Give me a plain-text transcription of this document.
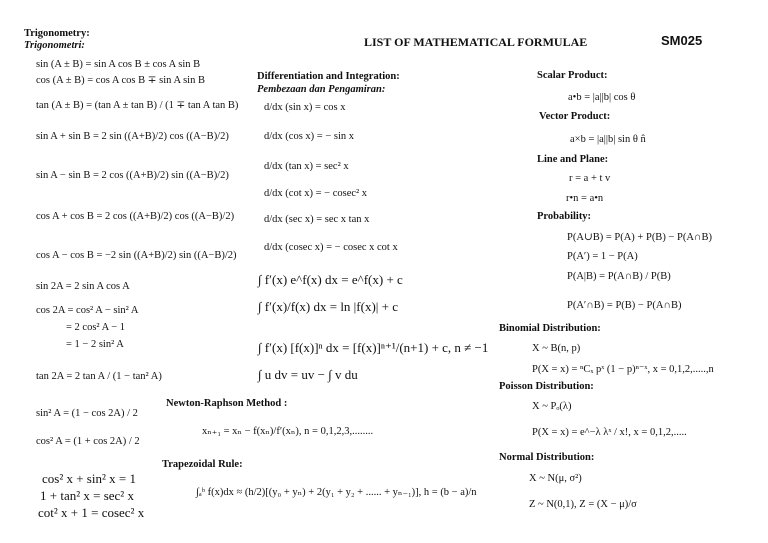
LIST OF MATHEMATICAL FORMULAE	SM025
Trigonometry:
Trigonometri:
sin (A ± B) = sin A cos B ± cos A sin B
cos (A ± B) = cos A cos B ∓ sin A sin B
tan (A ± B) = (tan A ± tan B) / (1 ∓ tan A tan B)
sin A + sin B = 2 sin ((A+B)/2) cos ((A−B)/2)
sin A − sin B = 2 cos ((A+B)/2) sin ((A−B)/2)
cos A + cos B = 2 cos ((A+B)/2) cos ((A−B)/2)
cos A − cos B = −2 sin ((A+B)/2) sin ((A−B)/2)
sin 2A = 2 sin A cos A
cos 2A = cos² A − sin² A
= 2 cos² A − 1
= 1 − 2 sin² A
tan 2A = 2 tan A / (1 − tan² A)
sin² A = (1 − cos 2A) / 2
cos² A = (1 + cos 2A) / 2
cos² x + sin² x = 1
1 + tan² x = sec² x
cot² x + 1 = cosec² x
Differentiation and Integration:
Pembezaan dan Pengamiran:
d/dx (sin x) = cos x
d/dx (cos x) = − sin x
d/dx (tan x) = sec² x
d/dx (cot x) = − cosec² x
d/dx (sec x) = sec x tan x
d/dx (cosec x) = − cosec x cot x
∫ f′(x) e^f(x) dx = e^f(x) + c
∫ f′(x)/f(x) dx = ln |f(x)| + c
∫ f′(x) [f(x)]ⁿ dx = [f(x)]ⁿ⁺¹/(n+1) + c, n ≠ −1
∫ u dv = uv − ∫ v du
Newton-Raphson Method :
xₙ₊₁ = xₙ − f(xₙ)/f′(xₙ), n = 0,1,2,3,........
Trapezoidal Rule:
∫ₐᵇ f(x)dx ≈ (h/2)[(y₀ + yₙ) + 2(y₁ + y₂ + ...... + yₙ₋₁)], h = (b − a)/n
Scalar Product:
a•b = |a||b| cos θ
Vector Product:
a×b = |a||b| sin θ n̂
Line and Plane:
r = a + t v
r•n = a•n
Probability:
P(A∪B) = P(A) + P(B) − P(A∩B)
P(A′) = 1 − P(A)
P(A|B) = P(A∩B) / P(B)
P(A′∩B) = P(B) − P(A∩B)
Binomial Distribution:
X ~ B(n, p)
P(X = x) = ⁿCₓ pˣ (1 − p)ⁿ⁻ˣ, x = 0,1,2,.....,n
Poisson Distribution:
X ~ Pₒ(λ)
P(X = x) = e^−λ λˣ / x!, x = 0,1,2,.....
Normal Distribution:
X ~ N(μ, σ²)
Z ~ N(0,1), Z = (X − μ)/σ
